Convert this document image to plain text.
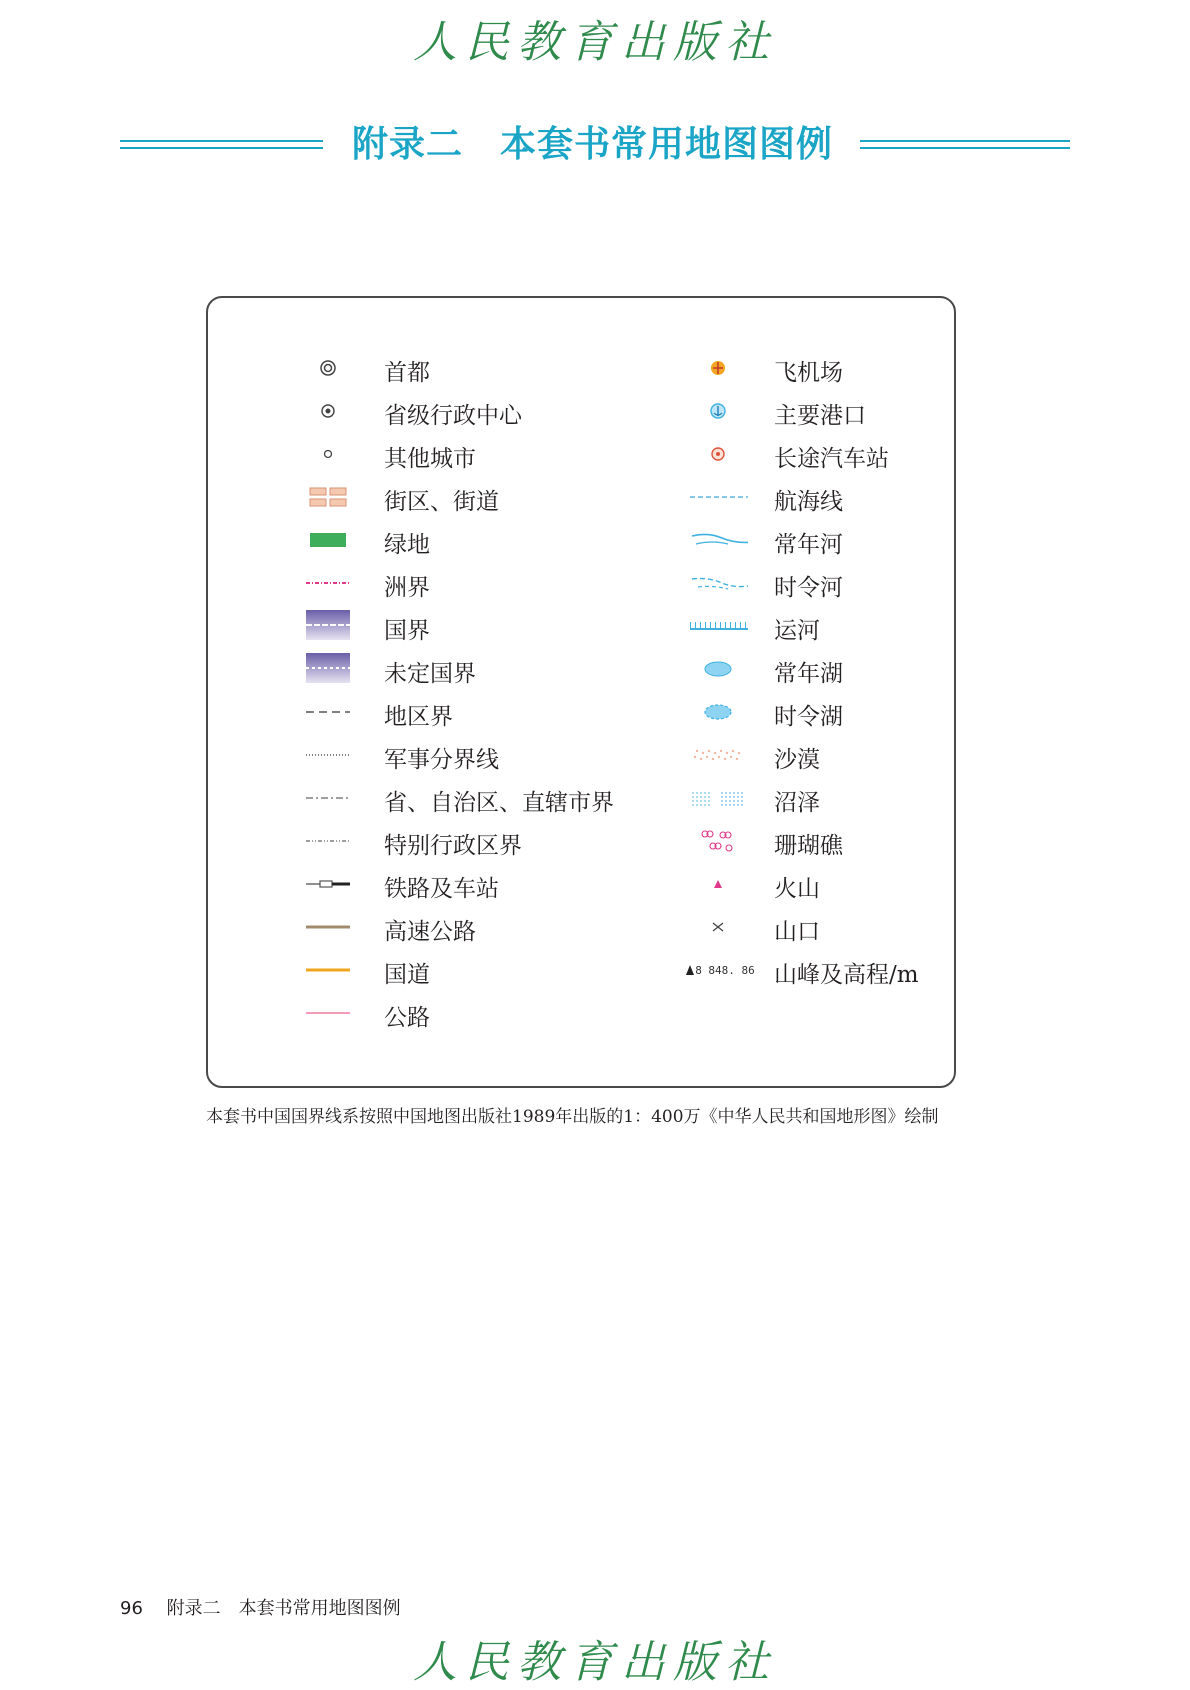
人民教育出版社
附录二　本套书常用地图图例
首都
省级行政中心
其他城市
街区、街道
绿地
洲界
国界
未定国界
地区界
军事分界线
省、自治区、直辖市界
特别行政区界
铁路及车站
高速公路
国道
公路
飞机场
主要港口
长途汽车站
航海线
常年河
时令河
运河
常年湖
时令湖
沙漠
沼泽
珊瑚礁
火山
山口
8 848. 86 山峰及高程/m
本套书中国国界线系按照中国地图出版社1989年出版的1：400万《中华人民共和国地形图》绘制
96 附录二　本套书常用地图图例
人民教育出版社
